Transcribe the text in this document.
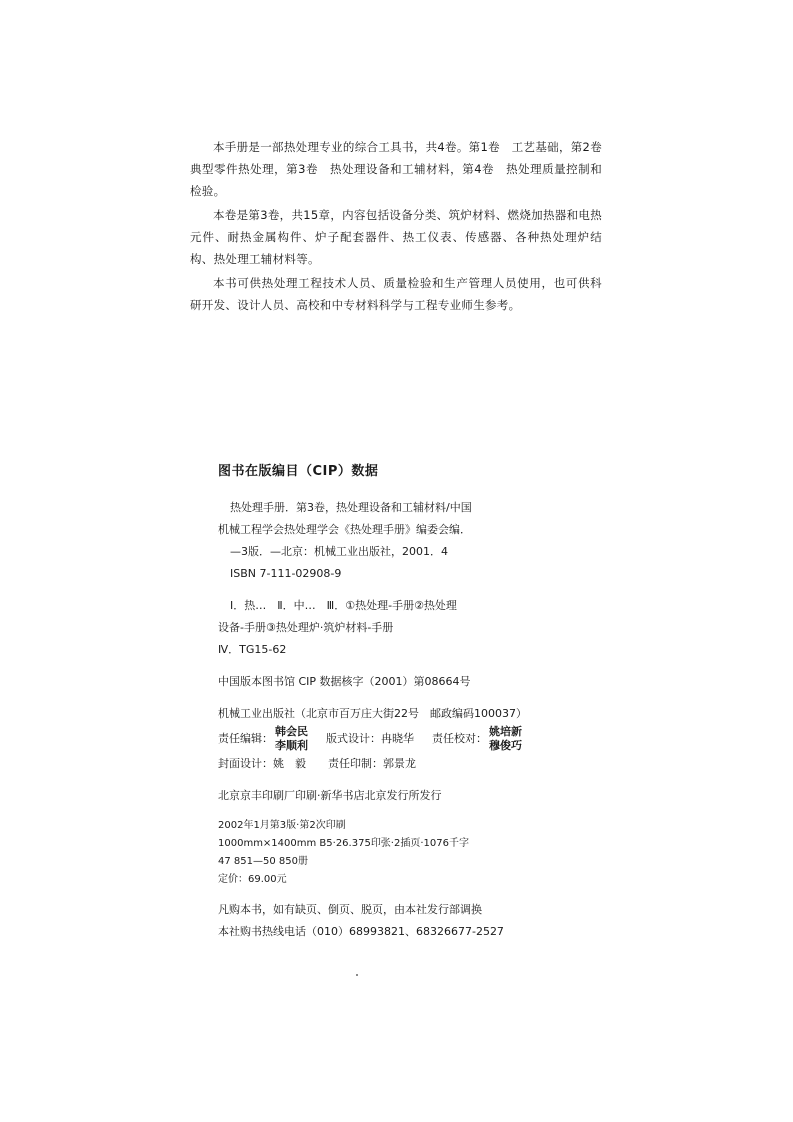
本手册是一部热处理专业的综合工具书，共4卷。第1卷　工艺基础，第2卷　典型零件热处理，第3卷　热处理设备和工辅材料，第4卷　热处理质量控制和检验。

本卷是第3卷，共15章，内容包括设备分类、筑炉材料、燃烧加热器和电热元件、耐热金属构件、炉子配套器件、热工仪表、传感器、各种热处理炉结构、热处理工辅材料等。

本书可供热处理工程技术人员、质量检验和生产管理人员使用，也可供科研开发、设计人员、高校和中专材料科学与工程专业师生参考。

图书在版编目（CIP）数据
热处理手册．第3卷，热处理设备和工辅材料/中国
机械工程学会热处理学会《热处理手册》编委会编．
—3版．—北京：机械工业出版社，2001．4
ISBN 7-111-02908-9
Ⅰ．热…　Ⅱ．中…　Ⅲ．①热处理-手册②热处理
设备-手册③热处理炉·筑炉材料-手册
Ⅳ．TG15-62
中国版本图书馆 CIP 数据核字（2001）第08664号
机械工业出版社（北京市百万庄大街22号　邮政编码100037）
责任编辑：
韩会民
李顺利
版式设计：冉晓华 责任校对：
姚培新
穆俊巧
封面设计：姚　毅　　责任印制：郭景龙
北京京丰印刷厂印刷·新华书店北京发行所发行
2002年1月第3版·第2次印刷
1000mm×1400mm B5·26.375印张·2插页·1076千字
47 851—50 850册
定价：69.00元
凡购本书，如有缺页、倒页、脱页，由本社发行部调换
本社购书热线电话（010）68993821、68326677-2527
